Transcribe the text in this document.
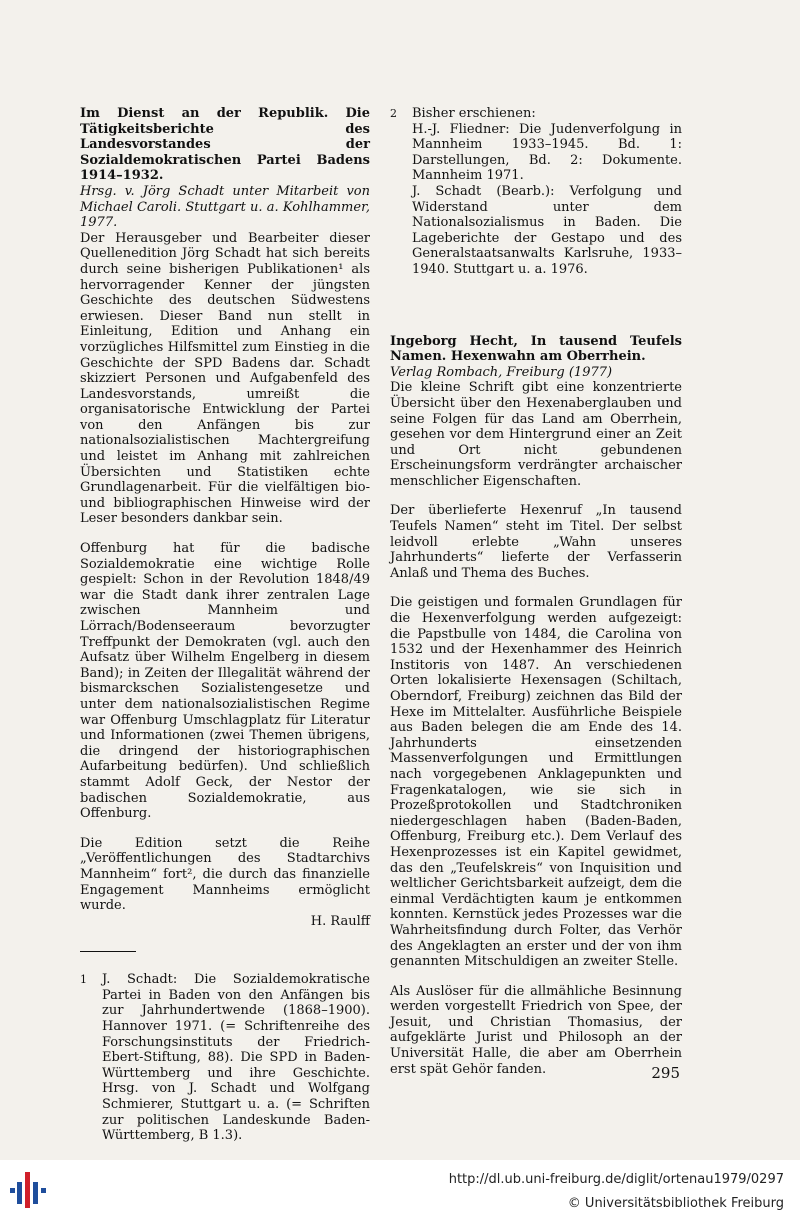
Im Dienst an der Republik. Die Tätigkeitsberichte des Landesvorstandes der Sozialdemokratischen Partei Badens 1914–1932.

Hrsg. v. Jörg Schadt unter Mitarbeit von Michael Caroli. Stuttgart u. a. Kohlhammer, 1977.

Der Herausgeber und Bearbeiter dieser Quellenedition Jörg Schadt hat sich bereits durch seine bisherigen Publikationen¹ als hervorragender Kenner der jüngsten Geschichte des deutschen Südwestens erwiesen. Dieser Band nun stellt in Einleitung, Edition und Anhang ein vorzügliches Hilfsmittel zum Einstieg in die Geschichte der SPD Badens dar. Schadt skizziert Personen und Aufgabenfeld des Landesvorstands, umreißt die organisatorische Entwicklung der Partei von den Anfängen bis zur nationalsozialistischen Machtergreifung und leistet im Anhang mit zahlreichen Übersichten und Statistiken echte Grundlagenarbeit. Für die vielfältigen bio- und bibliographischen Hinweise wird der Leser besonders dankbar sein.

Offenburg hat für die badische Sozialdemokratie eine wichtige Rolle gespielt: Schon in der Revolution 1848/49 war die Stadt dank ihrer zentralen Lage zwischen Mannheim und Lörrach/Bodenseeraum bevorzugter Treffpunkt der Demokraten (vgl. auch den Aufsatz über Wilhelm Engelberg in diesem Band); in Zeiten der Illegalität während der bismarckschen Sozialistengesetze und unter dem nationalsozialistischen Regime war Offenburg Umschlagplatz für Literatur und Informationen (zwei Themen übrigens, die dringend der historiographischen Aufarbeitung bedürfen). Und schließlich stammt Adolf Geck, der Nestor der badischen Sozialdemokratie, aus Offenburg.

Die Edition setzt die Reihe „Veröffentlichungen des Stadtarchivs Mannheim“ fort², die durch das finanzielle Engagement Mannheims ermöglicht wurde.

H. Raulff

1	J. Schadt: Die Sozialdemokratische Partei in Baden von den Anfängen bis zur Jahrhundertwende (1868–1900). Hannover 1971. (= Schriftenreihe des Forschungsinstituts der Friedrich-Ebert-Stiftung, 88). Die SPD in Baden-Württemberg und ihre Geschichte. Hrsg. von J. Schadt und Wolfgang Schmierer, Stuttgart u. a. (= Schriften zur politischen Landeskunde Baden-Württemberg, B 1.3).

2	Bisher erschienen:

H.-J. Fliedner: Die Judenverfolgung in Mannheim 1933–1945. Bd. 1: Darstellungen, Bd. 2: Dokumente. Mannheim 1971.

J. Schadt (Bearb.): Verfolgung und Widerstand unter dem Nationalsozialismus in Baden. Die Lageberichte der Gestapo und des Generalstaatsanwalts Karlsruhe, 1933–1940. Stuttgart u. a. 1976.

Ingeborg Hecht, In tausend Teufels Namen. Hexenwahn am Oberrhein.

Verlag Rombach, Freiburg (1977)

Die kleine Schrift gibt eine konzentrierte Übersicht über den Hexenaberglauben und seine Folgen für das Land am Oberrhein, gesehen vor dem Hintergrund einer an Zeit und Ort nicht gebundenen Erscheinungsform verdrängter archaischer menschlicher Eigenschaften.

Der überlieferte Hexenruf „In tausend Teufels Namen“ steht im Titel. Der selbst leidvoll erlebte „Wahn unseres Jahrhunderts“ lieferte der Verfasserin Anlaß und Thema des Buches.

Die geistigen und formalen Grundlagen für die Hexenverfolgung werden aufgezeigt: die Papstbulle von 1484, die Carolina von 1532 und der Hexenhammer des Heinrich Institoris von 1487. An verschiedenen Orten lokalisierte Hexensagen (Schiltach, Oberndorf, Freiburg) zeichnen das Bild der Hexe im Mittelalter. Ausführliche Beispiele aus Baden belegen die am Ende des 14. Jahrhunderts einsetzenden Massenverfolgungen und Ermittlungen nach vorgegebenen Anklagepunkten und Fragenkatalogen, wie sie sich in Prozeßprotokollen und Stadtchroniken niedergeschlagen haben (Baden-Baden, Offenburg, Freiburg etc.). Dem Verlauf des Hexenprozesses ist ein Kapitel gewidmet, das den „Teufelskreis“ von Inquisition und weltlicher Gerichtsbarkeit aufzeigt, dem die einmal Verdächtigten kaum je entkommen konnten. Kernstück jedes Prozesses war die Wahrheitsfindung durch Folter, das Verhör des Angeklagten an erster und der von ihm genannten Mitschuldigen an zweiter Stelle.

Als Auslöser für die allmähliche Besinnung werden vorgestellt Friedrich von Spee, der Jesuit, und Christian Thomasius, der aufgeklärte Jurist und Philosoph an der Universität Halle, die aber am Oberrhein erst spät Gehör fanden.	295
http://dl.ub.uni-freiburg.de/diglit/ortenau1979/0297
© Universitätsbibliothek Freiburg
